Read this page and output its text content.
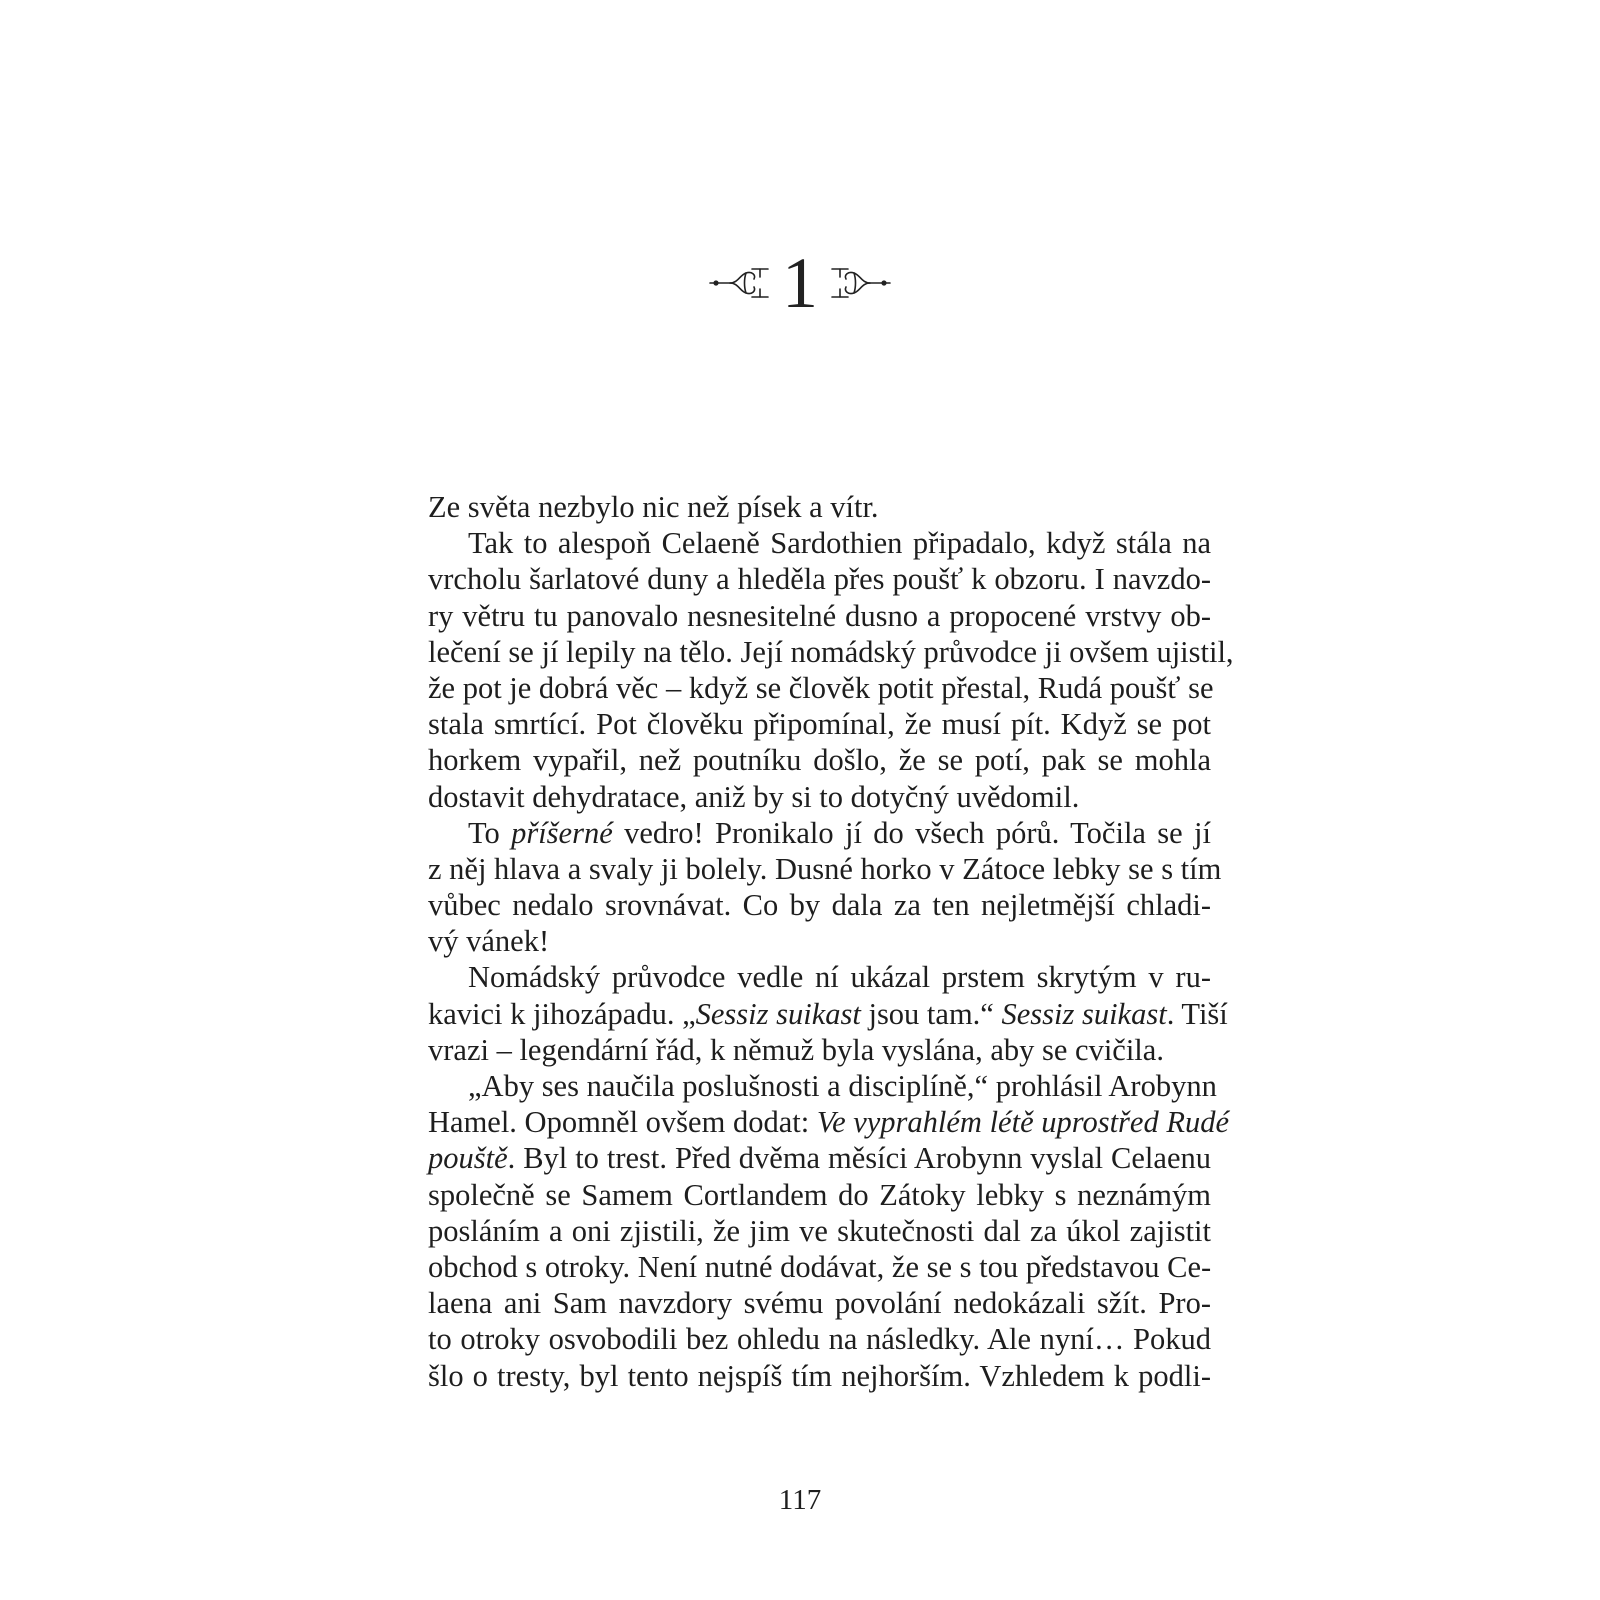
1
Ze světa nezbylo nic než písek a vítr.
Tak to alespoň Celaeně Sardothien připadalo, když stála na
vrcholu šarlatové duny a hleděla přes poušť k obzoru. I navzdo-
ry větru tu panovalo nesnesitelné dusno a propocené vrstvy ob-
lečení se jí lepily na tělo. Její nomádský průvodce ji ovšem ujistil,
že pot je dobrá věc – když se člověk potit přestal, Rudá poušť se
stala smrtící. Pot člověku připomínal, že musí pít. Když se pot
horkem vypařil, než poutníku došlo, že se potí, pak se mohla
dostavit dehydratace, aniž by si to dotyčný uvědomil.
To příšerné vedro! Pronikalo jí do všech pórů. Točila se jí
z něj hlava a svaly ji bolely. Dusné horko v Zátoce lebky se s tím
vůbec nedalo srovnávat. Co by dala za ten nejletmější chladi-
vý vánek!
Nomádský průvodce vedle ní ukázal prstem skrytým v ru-
kavici k jihozápadu. „Sessiz suikast jsou tam.“ Sessiz suikast. Tiší
vrazi – legendární řád, k němuž byla vyslána, aby se cvičila.
„Aby ses naučila poslušnosti a disciplíně,“ prohlásil Arobynn
Hamel. Opomněl ovšem dodat: Ve vyprahlém létě uprostřed Rudé
pouště. Byl to trest. Před dvěma měsíci Arobynn vyslal Celaenu
společně se Samem Cortlandem do Zátoky lebky s neznámým
posláním a oni zjistili, že jim ve skutečnosti dal za úkol zajistit
obchod s otroky. Není nutné dodávat, že se s tou představou Ce-
laena ani Sam navzdory svému povolání nedokázali sžít. Pro-
to otroky osvobodili bez ohledu na následky. Ale nyní… Pokud
šlo o tresty, byl tento nejspíš tím nejhorším. Vzhledem k podli-
117
